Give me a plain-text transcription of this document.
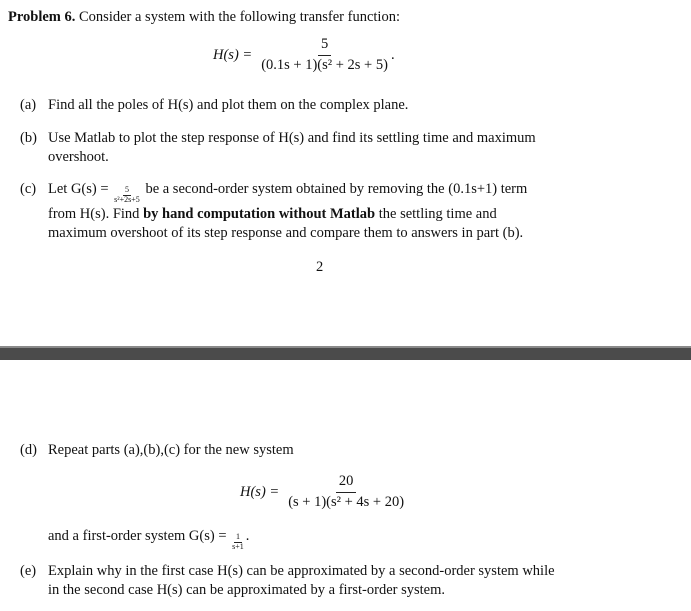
Problem 6. Consider a system with the following transfer function:
$H(s) = \frac{5}{\text{(0.1s + 1)(s² + 2s + 5)}}$ .
(a) Find all the poles of H(s) and plot them on the complex plane.
(b) Use Matlab to plot the step response of H(s) and find its settling time and maximum
overshoot.
(c) Let $G(s) = \frac{5}{\text{s²+2s+5}}$ be a second-order system obtained by removing the (0.1s+1) term
from H(s). Find by hand computation without Matlab the settling time and
maximum overshoot of its step response and compare them to answers in part (b).
2
(d) Repeat parts (a),(b),(c) for the new system
$H(s) = \frac{20}{\text{(s + 1)(s² + 4s + 20)}}$
and a first-order system $G(s) = \frac{1}{s+1}$ .
(e) Explain why in the first case H(s) can be approximated by a second-order system while
in the second case H(s) can be approximated by a first-order system.
